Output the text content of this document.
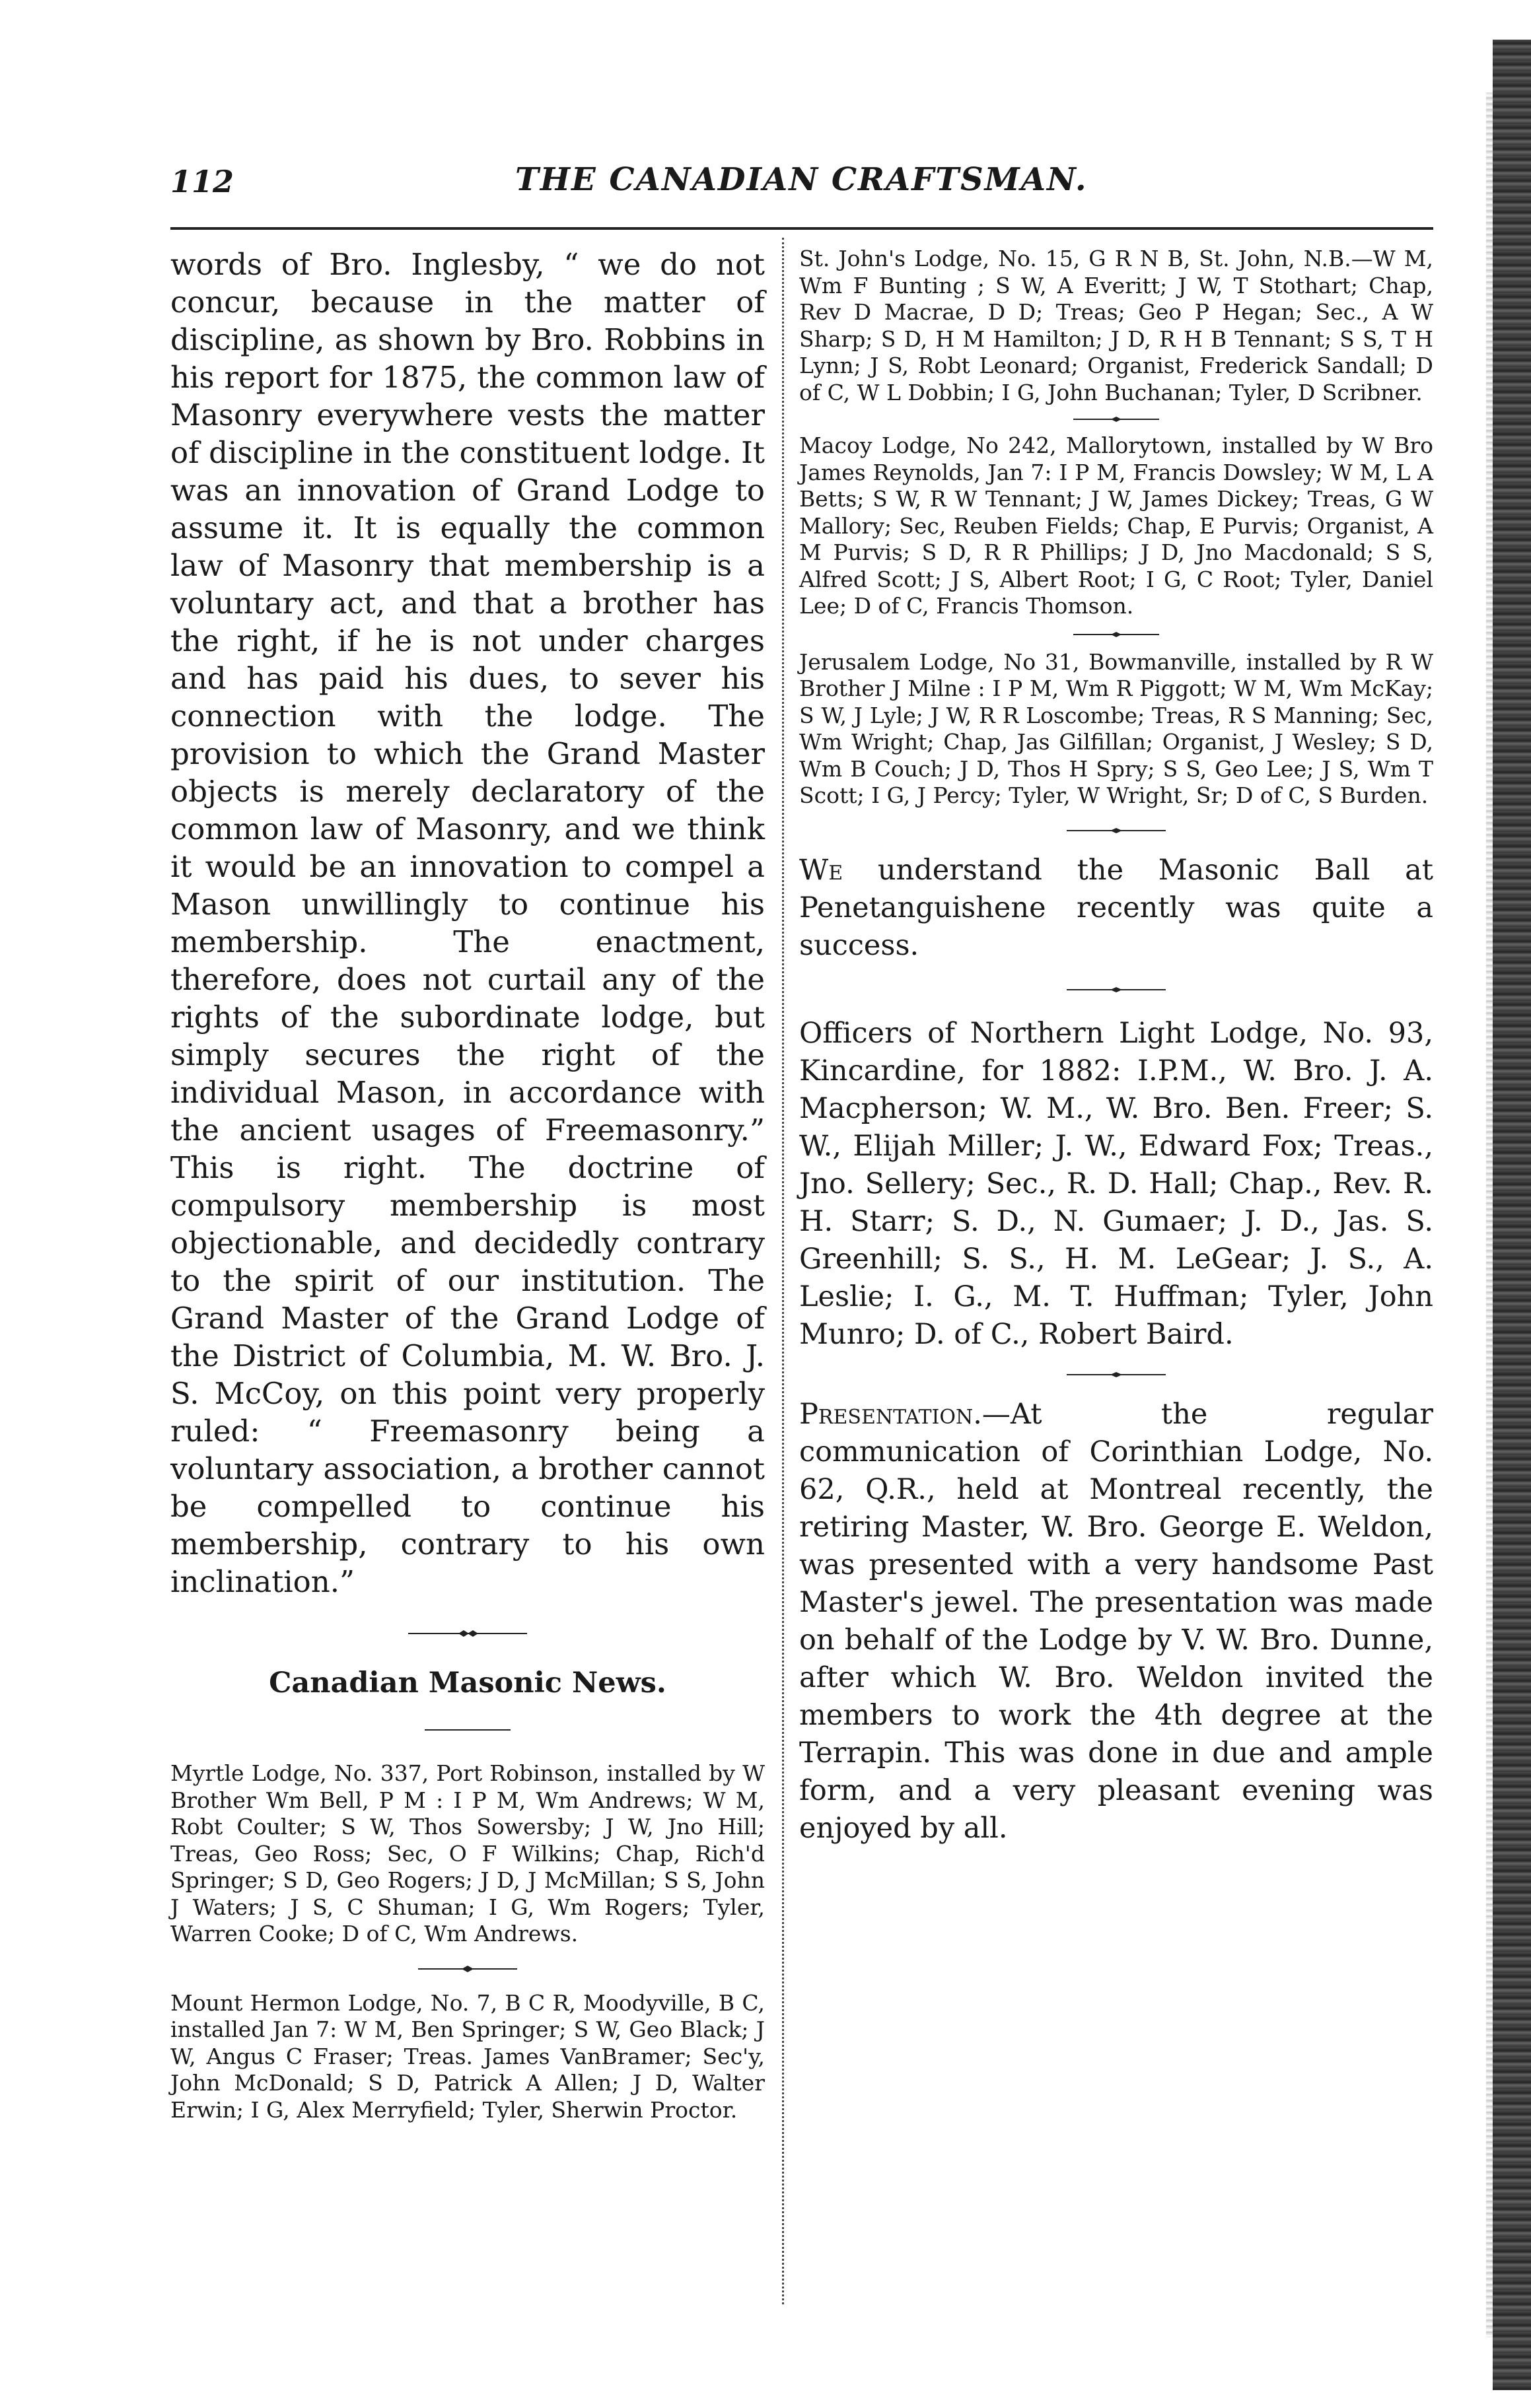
112	THE CANADIAN CRAFTSMAN.

words of Bro. Inglesby, “ we do not concur, because in the matter of discipline, as shown by Bro. Robbins in his report for 1875, the common law of Masonry everywhere vests the matter of discipline in the constituent lodge. It was an innovation of Grand Lodge to assume it. It is equally the common law of Masonry that membership is a voluntary act, and that a brother has the right, if he is not under charges and has paid his dues, to sever his connection with the lodge. The provision to which the Grand Master objects is merely declaratory of the common law of Masonry, and we think it would be an innovation to compel a Mason unwillingly to continue his membership. The enactment, therefore, does not curtail any of the rights of the subordinate lodge, but simply secures the right of the individual Mason, in accordance with the ancient usages of Freemasonry.” This is right. The doctrine of compulsory membership is most objectionable, and decidedly contrary to the spirit of our institution. The Grand Master of the Grand Lodge of the District of Columbia, M. W. Bro. J. S. McCoy, on this point very properly ruled: “ Freemasonry being a voluntary association, a brother cannot be compelled to continue his membership, contrary to his own inclination.”

Canadian Masonic News.

Myrtle Lodge, No. 337, Port Robinson, installed by W Brother Wm Bell, P M : I P M, Wm Andrews; W M, Robt Coulter; S W, Thos Sowersby; J W, Jno Hill; Treas, Geo Ross; Sec, O F Wilkins; Chap, Rich'd Springer; S D, Geo Rogers; J D, J McMillan; S S, John J Waters; J S, C Shuman; I G, Wm Rogers; Tyler, Warren Cooke; D of C, Wm Andrews.

Mount Hermon Lodge, No. 7, B C R, Moodyville, B C, installed Jan 7: W M, Ben Springer; S W, Geo Black; J W, Angus C Fraser; Treas. James VanBramer; Sec'y, John McDonald; S D, Patrick A Allen; J D, Walter Erwin; I G, Alex Merryfield; Tyler, Sherwin Proctor.

St. John's Lodge, No. 15, G R N B, St. John, N.B.—W M, Wm F Bunting ; S W, A Everitt; J W, T Stothart; Chap, Rev D Macrae, D D; Treas; Geo P Hegan; Sec., A W Sharp; S D, H M Hamilton; J D, R H B Tennant; S S, T H Lynn; J S, Robt Leonard; Organist, Frederick Sandall; D of C, W L Dobbin; I G, John Buchanan; Tyler, D Scribner.

Macoy Lodge, No 242, Mallorytown, installed by W Bro James Reynolds, Jan 7: I P M, Francis Dowsley; W M, L A Betts; S W, R W Tennant; J W, James Dickey; Treas, G W Mallory; Sec, Reuben Fields; Chap, E Purvis; Organist, A M Purvis; S D, R R Phillips; J D, Jno Macdonald; S S, Alfred Scott; J S, Albert Root; I G, C Root; Tyler, Daniel Lee; D of C, Francis Thomson.

Jerusalem Lodge, No 31, Bowmanville, installed by R W Brother J Milne : I P M, Wm R Piggott; W M, Wm McKay; S W, J Lyle; J W, R R Loscombe; Treas, R S Manning; Sec, Wm Wright; Chap, Jas Gilfillan; Organist, J Wesley; S D, Wm B Couch; J D, Thos H Spry; S S, Geo Lee; J S, Wm T Scott; I G, J Percy; Tyler, W Wright, Sr; D of C, S Burden.

We understand the Masonic Ball at Penetanguishene recently was quite a success.

Officers of Northern Light Lodge, No. 93, Kincardine, for 1882: I.P.M., W. Bro. J. A. Macpherson; W. M., W. Bro. Ben. Freer; S. W., Elijah Miller; J. W., Edward Fox; Treas., Jno. Sellery; Sec., R. D. Hall; Chap., Rev. R. H. Starr; S. D., N. Gumaer; J. D., Jas. S. Greenhill; S. S., H. M. LeGear; J. S., A. Leslie; I. G., M. T. Huffman; Tyler, John Munro; D. of C., Robert Baird.

Presentation.—At the regular communication of Corinthian Lodge, No. 62, Q.R., held at Montreal recently, the retiring Master, W. Bro. George E. Weldon, was presented with a very handsome Past Master's jewel. The presentation was made on behalf of the Lodge by V. W. Bro. Dunne, after which W. Bro. Weldon invited the members to work the 4th degree at the Terrapin. This was done in due and ample form, and a very pleasant evening was enjoyed by all.
